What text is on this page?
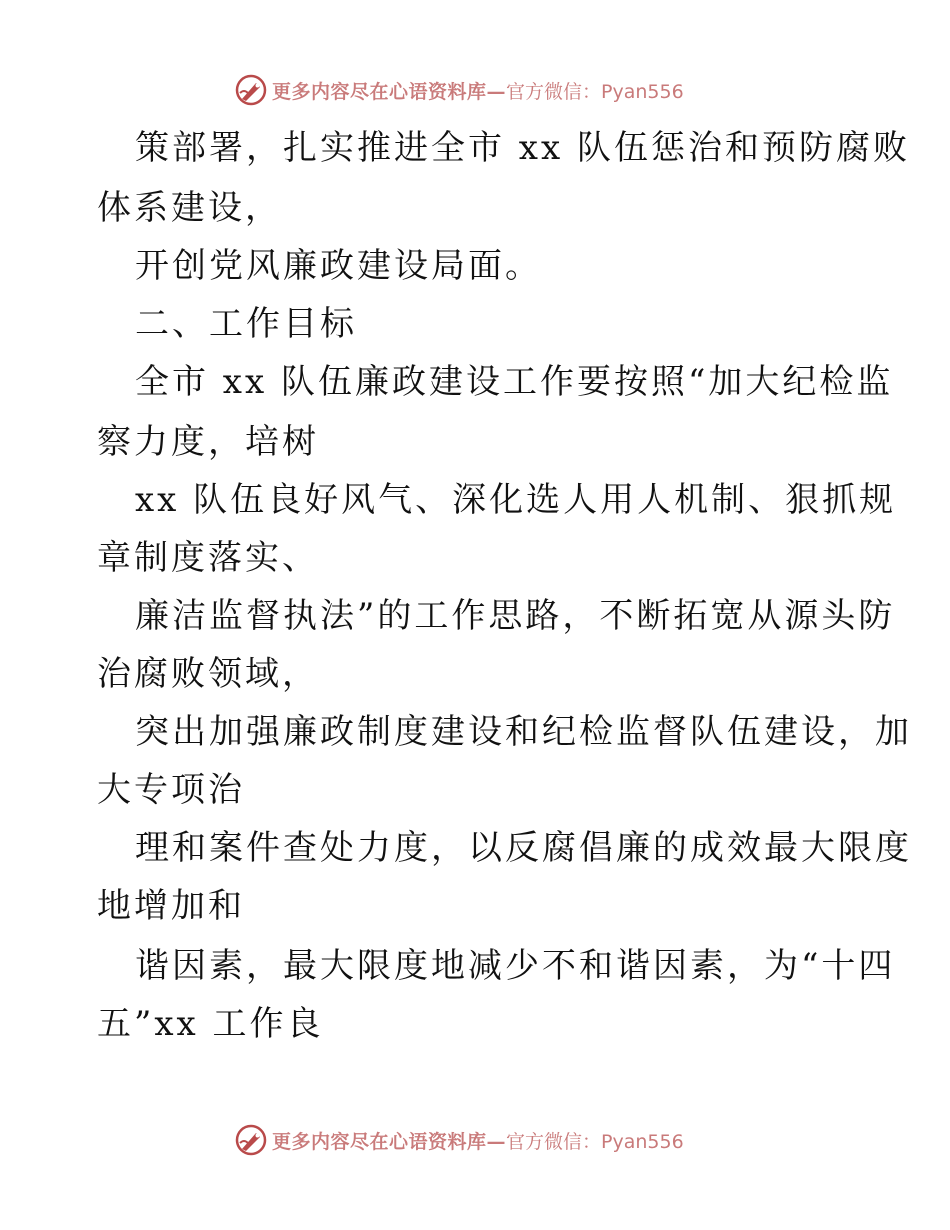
更多内容尽在心语资料库— 官方微信：Pyan556
策部署，扎实推进全市 xx 队伍惩治和预防腐败
体系建设，
开创党风廉政建设局面。
二、工作目标
全市 xx 队伍廉政建设工作要按照“加大纪检监
察力度，培树
xx 队伍良好风气、深化选人用人机制、狠抓规
章制度落实、
廉洁监督执法”的工作思路，不断拓宽从源头防
治腐败领域，
突出加强廉政制度建设和纪检监督队伍建设，加
大专项治
理和案件查处力度，以反腐倡廉的成效最大限度
地增加和
谐因素，最大限度地减少不和谐因素，为“十四
五”xx 工作良
更多内容尽在心语资料库— 官方微信：Pyan556
